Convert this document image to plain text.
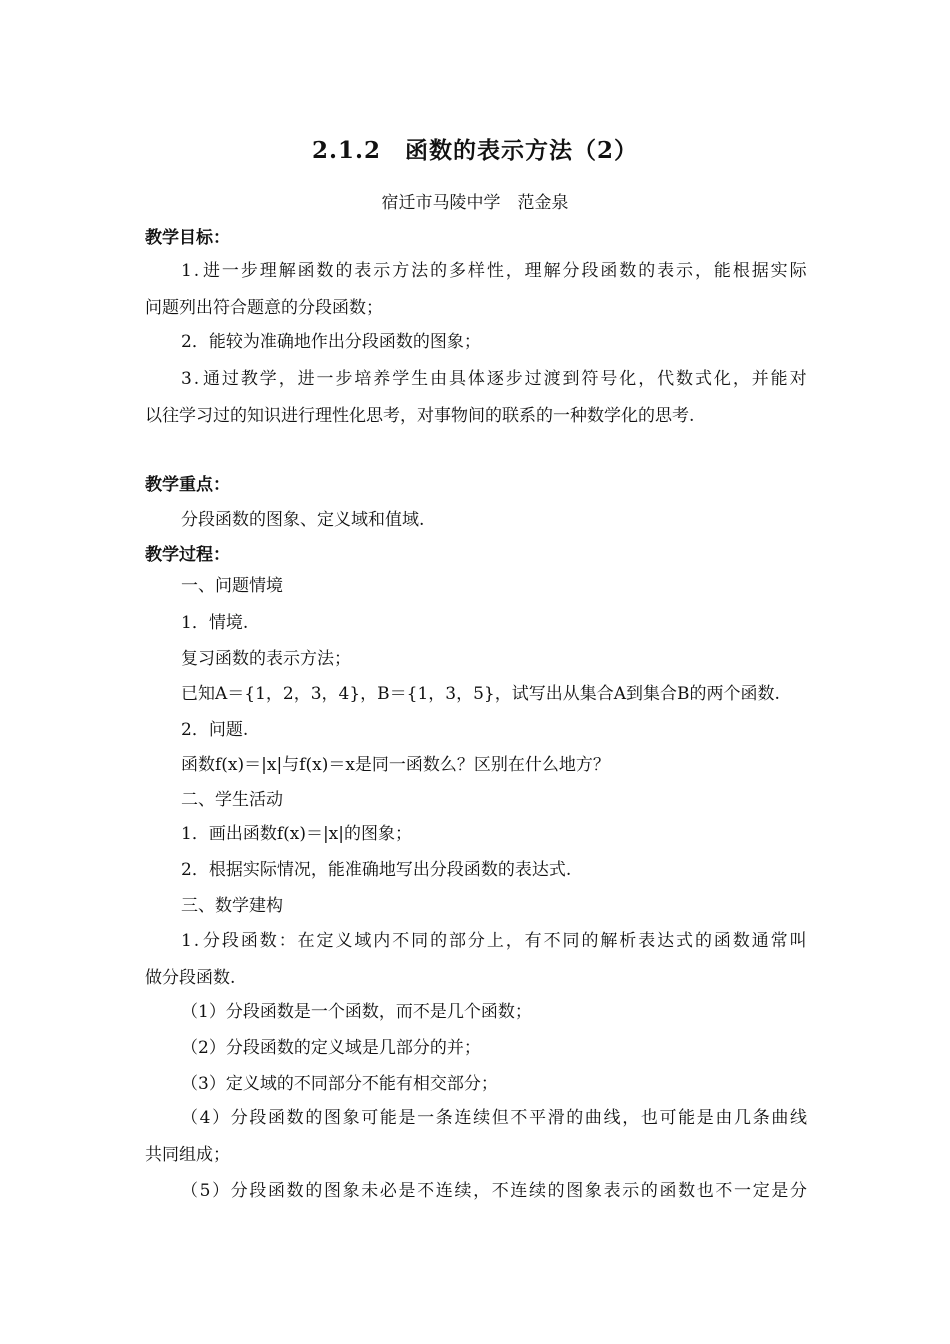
2.1.2　函数的表示方法（2）
宿迁市马陵中学　范金泉
教学目标：
1 . 进 一 步 理 解 函 数 的 表 示 方 法 的 多 样 性 ， 理 解 分 段 函 数 的 表 示 ， 能 根 据 实 际
问题列出符合题意的分段函数；
2．能较为准确地作出分段函数的图象；
3 . 通 过 教 学 ， 进 一 步 培 养 学 生 由 具 体 逐 步 过 渡 到 符 号 化 ， 代 数 式 化 ， 并 能 对
以往学习过的知识进行理性化思考，对事物间的联系的一种数学化的思考.
教学重点：
分段函数的图象、定义域和值域.
教学过程：
一、问题情境
1．情境.
复习函数的表示方法；
已知A＝{1，2，3，4}，B＝{1，3，5}，试写出从集合A到集合B的两个函数.
2．问题.
函数f(x)＝|x|与f(x)＝x是同一函数么？区别在什么地方？
二、学生活动
1．画出函数f(x)＝|x|的图象；
2．根据实际情况，能准确地写出分段函数的表达式.
三、数学建构
1 . 分 段 函 数 ： 在 定 义 域 内 不 同 的 部 分 上 ， 有 不 同 的 解 析 表 达 式 的 函 数 通 常 叫
做分段函数.
（1）分段函数是一个函数，而不是几个函数；
（2）分段函数的定义域是几部分的并；
（3）定义域的不同部分不能有相交部分；
（ 4 ） 分 段 函 数 的 图 象 可 能 是 一 条 连 续 但 不 平 滑 的 曲 线 ， 也 可 能 是 由 几 条 曲 线
共同组成；
（ 5 ） 分 段 函 数 的 图 象 未 必 是 不 连 续 ， 不 连 续 的 图 象 表 示 的 函 数 也 不 一 定 是 分
